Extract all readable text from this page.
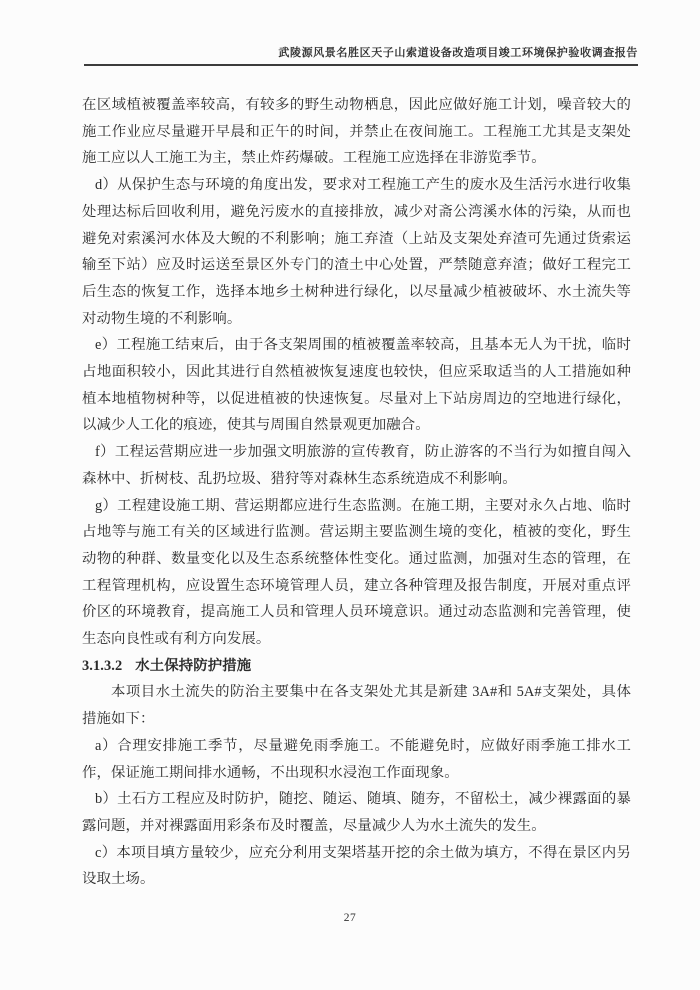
武陵源风景名胜区天子山索道设备改造项目竣工环境保护验收调查报告

在区域植被覆盖率较高，有较多的野生动物栖息，因此应做好施工计划，噪音较大的施工作业应尽量避开早晨和正午的时间，并禁止在夜间施工。工程施工尤其是支架处施工应以人工施工为主，禁止炸药爆破。工程施工应选择在非游览季节。

d）从保护生态与环境的角度出发，要求对工程施工产生的废水及生活污水进行收集处理达标后回收利用，避免污废水的直接排放，减少对斋公湾溪水体的污染，从而也避免对索溪河水体及大鲵的不利影响；施工弃渣（上站及支架处弃渣可先通过货索运输至下站）应及时运送至景区外专门的渣土中心处置，严禁随意弃渣；做好工程完工后生态的恢复工作，选择本地乡土树种进行绿化，以尽量减少植被破坏、水土流失等对动物生境的不利影响。

e）工程施工结束后，由于各支架周围的植被覆盖率较高，且基本无人为干扰，临时占地面积较小，因此其进行自然植被恢复速度也较快，但应采取适当的人工措施如种植本地植物树种等，以促进植被的快速恢复。尽量对上下站房周边的空地进行绿化，以减少人工化的痕迹，使其与周围自然景观更加融合。

f）工程运营期应进一步加强文明旅游的宣传教育，防止游客的不当行为如擅自闯入森林中、折树枝、乱扔垃圾、猎狩等对森林生态系统造成不利影响。

g）工程建设施工期、营运期都应进行生态监测。在施工期，主要对永久占地、临时占地等与施工有关的区域进行监测。营运期主要监测生境的变化，植被的变化，野生动物的种群、数量变化以及生态系统整体性变化。通过监测，加强对生态的管理，在工程管理机构，应设置生态环境管理人员，建立各种管理及报告制度，开展对重点评价区的环境教育，提高施工人员和管理人员环境意识。通过动态监测和完善管理，使生态向良性或有利方向发展。

3.1.3.2 水土保持防护措施

本项目水土流失的防治主要集中在各支架处尤其是新建 3A#和 5A#支架处，具体措施如下：

a）合理安排施工季节，尽量避免雨季施工。不能避免时，应做好雨季施工排水工作，保证施工期间排水通畅，不出现积水浸泡工作面现象。

b）土石方工程应及时防护，随挖、随运、随填、随夯，不留松土，减少裸露面的暴露问题，并对裸露面用彩条布及时覆盖，尽量减少人为水土流失的发生。

c）本项目填方量较少，应充分利用支架塔基开挖的余土做为填方，不得在景区内另设取土场。

27
